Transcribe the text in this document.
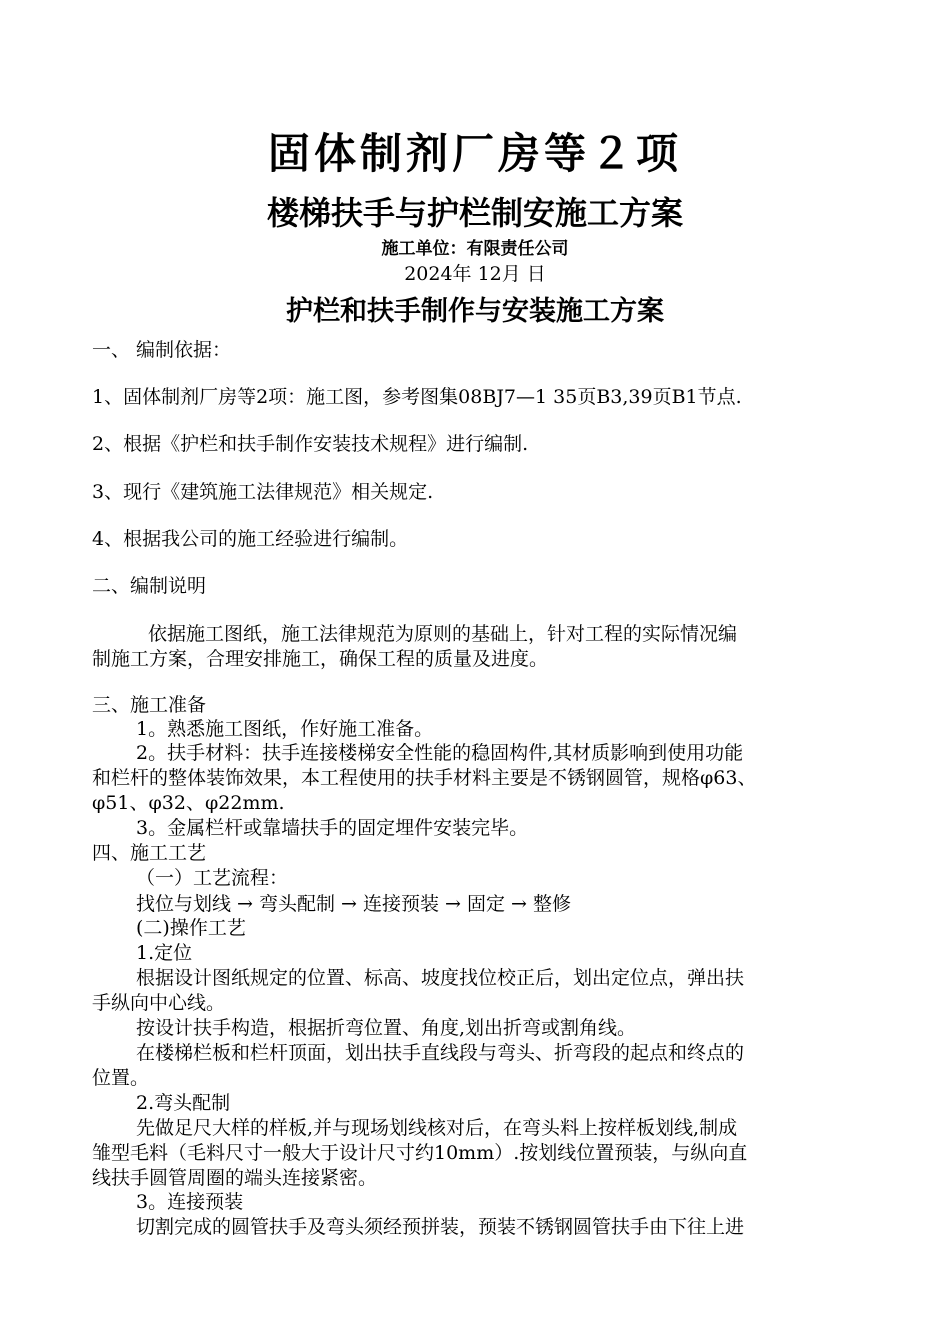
固体制剂厂房等２项
楼梯扶手与护栏制安施工方案
施工单位：有限责任公司
2024年 12月 日
护栏和扶手制作与安装施工方案
一、 编制依据：
1、固体制剂厂房等2项：施工图，参考图集08BJ7—1 35页B3,39页B1节点.
2、根据《护栏和扶手制作安装技术规程》进行编制.
3、现行《建筑施工法律规范》相关规定.
4、根据我公司的施工经验进行编制。
二、编制说明
依据施工图纸，施工法律规范为原则的基础上，针对工程的实际情况编
制施工方案，合理安排施工，确保工程的质量及进度。
三、施工准备
1。熟悉施工图纸，作好施工准备。
2。扶手材料：扶手连接楼梯安全性能的稳固构件,其材质影响到使用功能
和栏杆的整体装饰效果，本工程使用的扶手材料主要是不锈钢圆管，规格φ63、
φ51、φ32、φ22mm.
3。金属栏杆或靠墙扶手的固定埋件安装完毕。
四、施工工艺
（一）工艺流程：
找位与划线 → 弯头配制 → 连接预装 → 固定 → 整修
(二)操作工艺
1.定位
根据设计图纸规定的位置、标高、坡度找位校正后，划出定位点，弹出扶
手纵向中心线。
按设计扶手构造，根据折弯位置、角度,划出折弯或割角线。
在楼梯栏板和栏杆顶面，划出扶手直线段与弯头、折弯段的起点和终点的
位置。
2.弯头配制
先做足尺大样的样板,并与现场划线核对后，在弯头料上按样板划线,制成
雏型毛料（毛料尺寸一般大于设计尺寸约10mm）.按划线位置预装，与纵向直
线扶手圆管周圈的端头连接紧密。
3。连接预装
切割完成的圆管扶手及弯头须经预拼装，预装不锈钢圆管扶手由下往上进
